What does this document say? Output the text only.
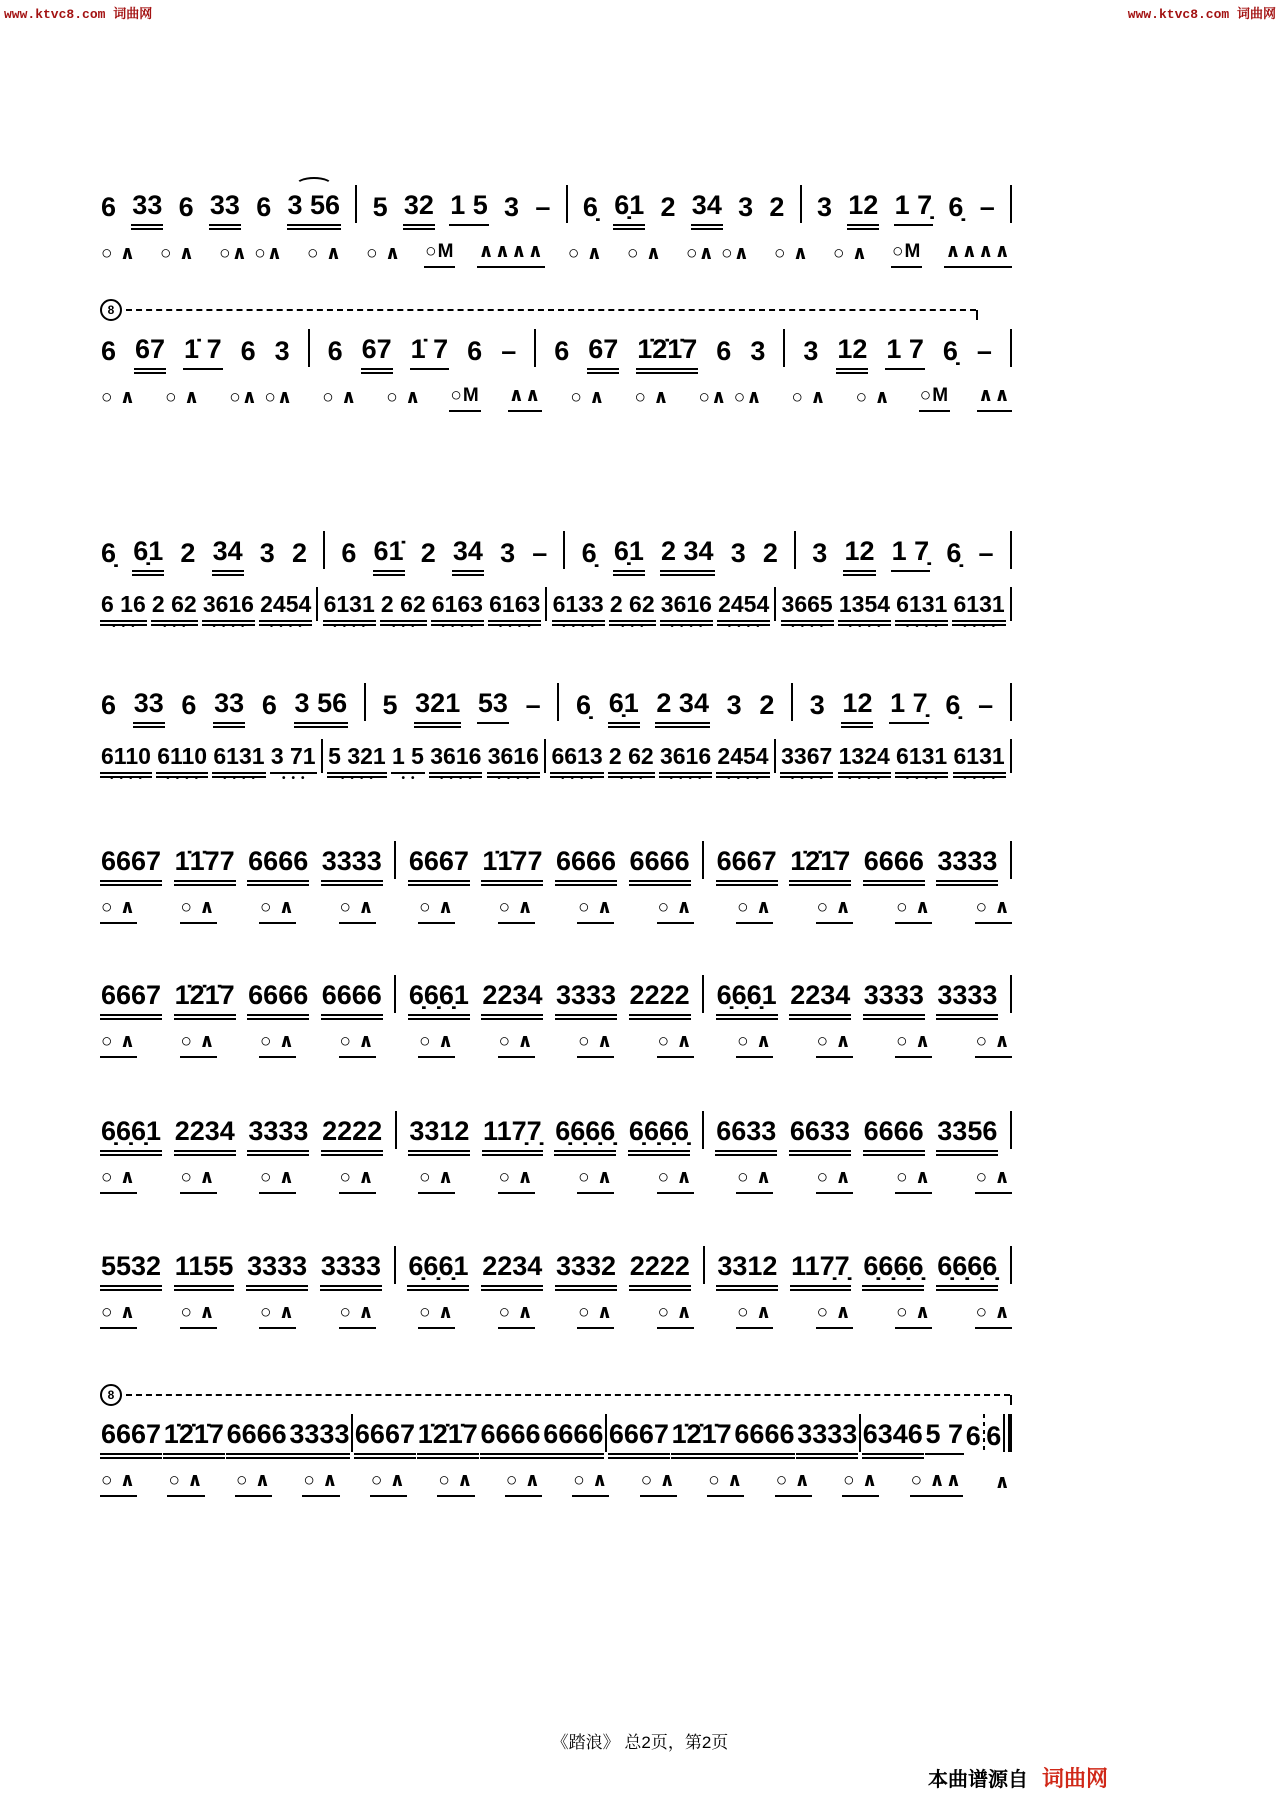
www.ktvc8.com 词曲网	www.ktvc8.com 词曲网
6 33 6 33 6 3 56 5 32 1 5 3 – 6̣ 6̣1 2 34 3 2 3 12 1 7̣ 6̣ –
○ ∧ ○ ∧ ○∧ ○∧ ○ ∧ ○ ∧ ○M ∧∧∧∧ ○ ∧ ○ ∧ ○∧ ○∧ ○ ∧ ○ ∧ ○M ∧∧∧∧
8
6 67 1̇ 7 6 3 6 67 1̇ 7 6 – 6 67 1̇2̇1̇7 6 3 3 12 1 7 6̣ –
○ ∧ ○ ∧ ○∧ ○∧ ○ ∧ ○ ∧ ○M ∧∧ ○ ∧ ○ ∧ ○∧ ○∧ ○ ∧ ○ ∧ ○M ∧∧
6̣ 6̣1 2 34 3 2 6 61̇ 2 34 3 – 6̣ 6̣1 2 34 3 2 3 12 1 7̣ 6̣ –
6 16
•••
2 62
•••
3616
••••
2454
••••
6131
••••
2 62
•••
6163
••••
6163
••••
6133
••••
2 62
•••
3616
••••
2454
••••
3665
••••
1354
••••
6131
••••
6131
••••
6 33 6 33 6 3 56 5 321 53 – 6̣ 6̣1 2 34 3 2 3 12 1 7̣ 6̣ –
6110
••••
6110
••••
6131
••••
3 71
•••
5 321
••••
1 5
••
3616
••••
3616
••••
6613
••••
2 62
•••
3616
••••
2454
••••
3367
••••
1324
••••
6131
••••
6131
••••
6667 1̇1̇77 6666 3333 6667 1̇1̇77 6666 6666 6667 1̇2̇1̇7 6666 3333
○ ∧ ○ ∧ ○ ∧ ○ ∧ ○ ∧ ○ ∧ ○ ∧ ○ ∧ ○ ∧ ○ ∧ ○ ∧ ○ ∧
6667 1̇2̇1̇7 6666 6666 6̣6̣6̣1 2234 3333 2222 6̣6̣6̣1 2234 3333 3333
○ ∧ ○ ∧ ○ ∧ ○ ∧ ○ ∧ ○ ∧ ○ ∧ ○ ∧ ○ ∧ ○ ∧ ○ ∧ ○ ∧
6̣6̣6̣1 2234 3333 2222 3312 117̣7̣ 6̣6̣6̣6̣ 6̣6̣6̣6̣ 6633 6633 6666 3356
○ ∧ ○ ∧ ○ ∧ ○ ∧ ○ ∧ ○ ∧ ○ ∧ ○ ∧ ○ ∧ ○ ∧ ○ ∧ ○ ∧
5532 1155 3333 3333 6̣6̣6̣1 2234 3332 2222 3312 117̣7̣ 6̣6̣6̣6̣ 6̣6̣6̣6̣
○ ∧ ○ ∧ ○ ∧ ○ ∧ ○ ∧ ○ ∧ ○ ∧ ○ ∧ ○ ∧ ○ ∧ ○ ∧ ○ ∧
8
6667 1̇2̇1̇7 6666 3333 6667 1̇2̇1̇7 6666 6666 6667 1̇2̇1̇7 6666 3333 6346 5 7 6 6
○ ∧ ○ ∧ ○ ∧ ○ ∧ ○ ∧ ○ ∧ ○ ∧ ○ ∧ ○ ∧ ○ ∧ ○ ∧ ○ ∧ ○ ∧∧ ∧
《踏浪》 总2页，第2页
本曲谱源自 词曲网
